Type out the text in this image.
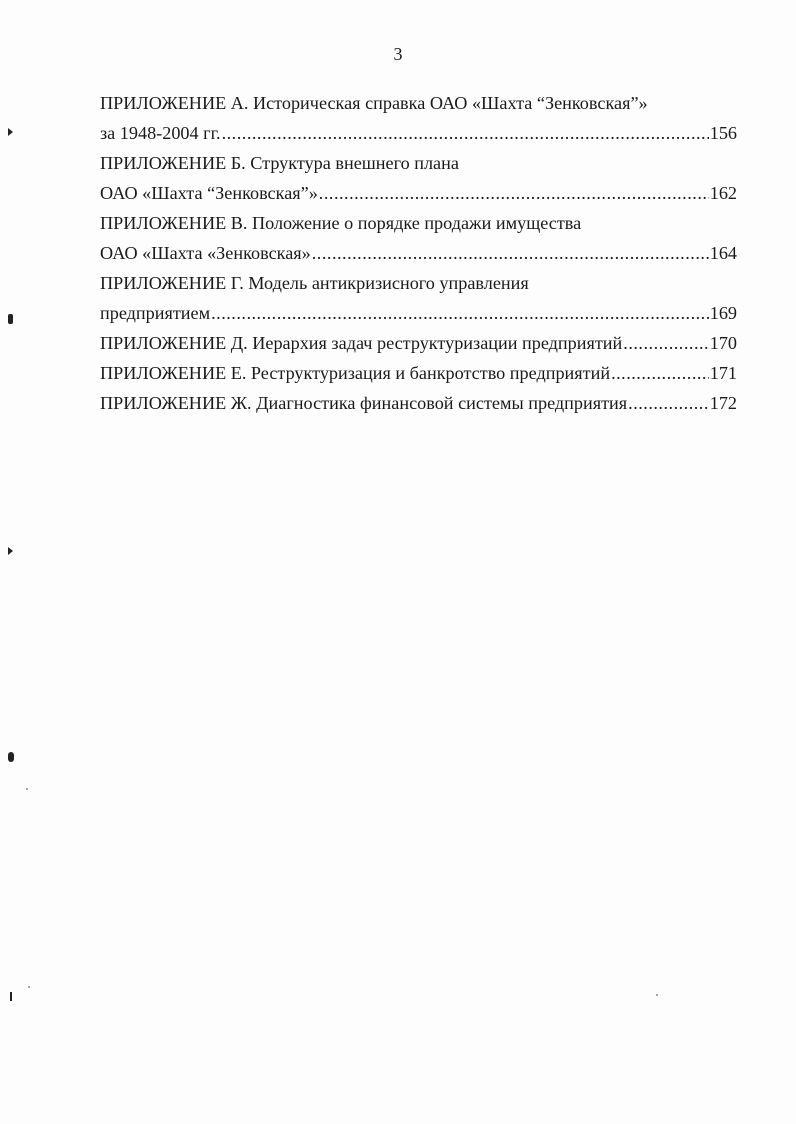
3
ПРИЛОЖЕНИЕ А. Историческая справка ОАО «Шахта “Зенковская”»
за 1948-2004 гг. .....	156
ПРИЛОЖЕНИЕ Б. Структура внешнего плана
ОАО «Шахта “Зенковская”» .....	162
ПРИЛОЖЕНИЕ В. Положение о порядке продажи имущества
ОАО «Шахта «Зенковская» .....	164
ПРИЛОЖЕНИЕ Г. Модель антикризисного управления
предприятием .....	169
ПРИЛОЖЕНИЕ Д. Иерархия задач реструктуризации предприятий .....	170
ПРИЛОЖЕНИЕ Е. Реструктуризация и банкротство предприятий .....	171
ПРИЛОЖЕНИЕ Ж. Диагностика финансовой системы предприятия .....	172
